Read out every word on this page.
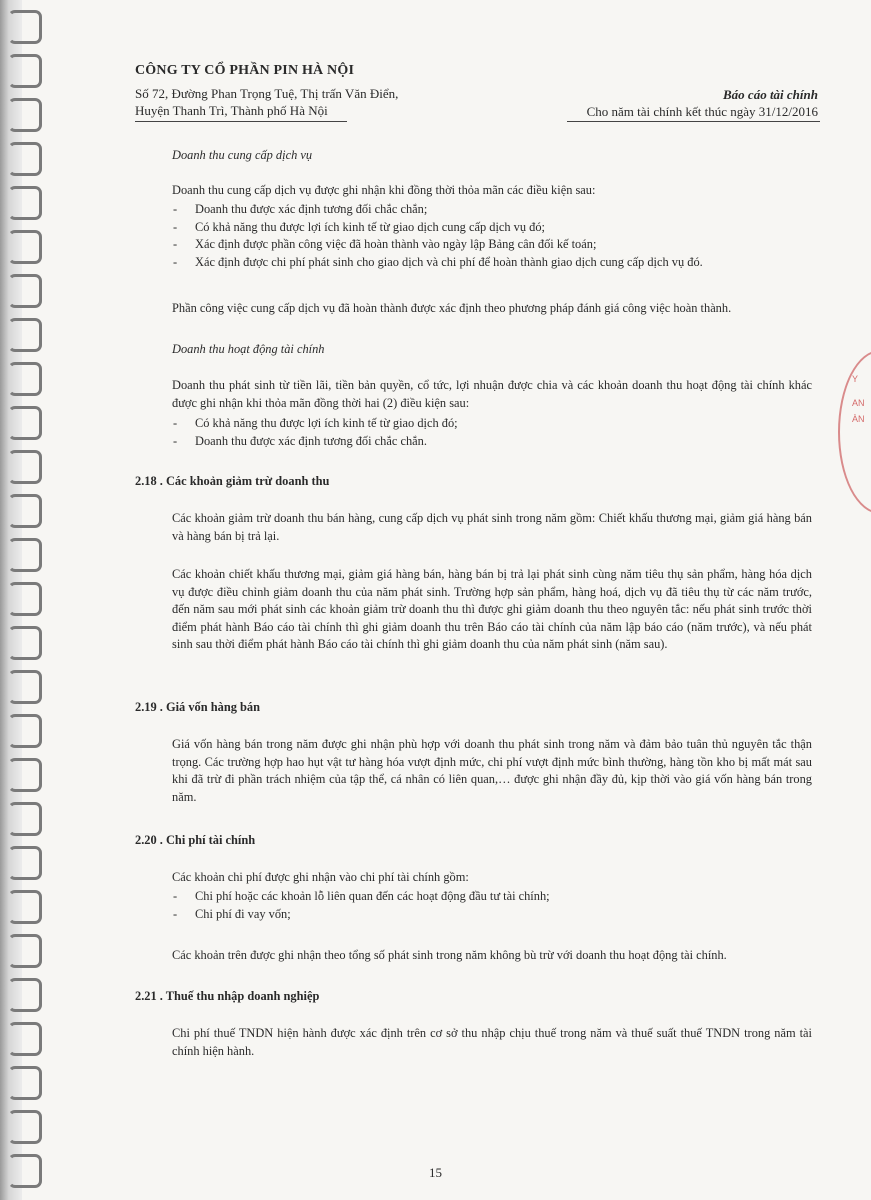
Y
AN
ÀN
CÔNG TY CỔ PHẦN PIN HÀ NỘI
Số 72, Đường Phan Trọng Tuệ, Thị trấn Văn Điển,
Huyện Thanh Trì, Thành phố Hà Nội
Báo cáo tài chính
Cho năm tài chính kết thúc ngày 31/12/2016
Doanh thu cung cấp dịch vụ
Doanh thu cung cấp dịch vụ được ghi nhận khi đồng thời thỏa mãn các điều kiện sau:
- Doanh thu được xác định tương đối chắc chắn;
- Có khả năng thu được lợi ích kinh tế từ giao dịch cung cấp dịch vụ đó;
- Xác định được phần công việc đã hoàn thành vào ngày lập Bảng cân đối kế toán;
- Xác định được chi phí phát sinh cho giao dịch và chi phí để hoàn thành giao dịch cung cấp dịch vụ đó.
Phần công việc cung cấp dịch vụ đã hoàn thành được xác định theo phương pháp đánh giá công việc hoàn thành.
Doanh thu hoạt động tài chính
Doanh thu phát sinh từ tiền lãi, tiền bản quyền, cổ tức, lợi nhuận được chia và các khoản doanh thu hoạt động tài chính khác được ghi nhận khi thỏa mãn đồng thời hai (2) điều kiện sau:
- Có khả năng thu được lợi ích kinh tế từ giao dịch đó;
- Doanh thu được xác định tương đối chắc chắn.
2.18 . Các khoản giảm trừ doanh thu
Các khoản giảm trừ doanh thu bán hàng, cung cấp dịch vụ phát sinh trong năm gồm: Chiết khấu thương mại, giảm giá hàng bán và hàng bán bị trả lại.
Các khoản chiết khấu thương mại, giảm giá hàng bán, hàng bán bị trả lại phát sinh cùng năm tiêu thụ sản phẩm, hàng hóa dịch vụ được điều chỉnh giảm doanh thu của năm phát sinh. Trường hợp sản phẩm, hàng hoá, dịch vụ đã tiêu thụ từ các năm trước, đến năm sau mới phát sinh các khoản giảm trừ doanh thu thì được ghi giảm doanh thu theo nguyên tắc: nếu phát sinh trước thời điểm phát hành Báo cáo tài chính thì ghi giảm doanh thu trên Báo cáo tài chính của năm lập báo cáo (năm trước), và nếu phát sinh sau thời điểm phát hành Báo cáo tài chính thì ghi giảm doanh thu của năm phát sinh (năm sau).
2.19 . Giá vốn hàng bán
Giá vốn hàng bán trong năm được ghi nhận phù hợp với doanh thu phát sinh trong năm và đảm bảo tuân thủ nguyên tắc thận trọng. Các trường hợp hao hụt vật tư hàng hóa vượt định mức, chi phí vượt định mức bình thường, hàng tồn kho bị mất mát sau khi đã trừ đi phần trách nhiệm của tập thể, cá nhân có liên quan,… được ghi nhận đầy đủ, kịp thời vào giá vốn hàng bán trong năm.
2.20 . Chi phí tài chính
Các khoản chi phí được ghi nhận vào chi phí tài chính gồm:
- Chi phí hoặc các khoản lỗ liên quan đến các hoạt động đầu tư tài chính;
- Chi phí đi vay vốn;
Các khoản trên được ghi nhận theo tổng số phát sinh trong năm không bù trừ với doanh thu hoạt động tài chính.
2.21 . Thuế thu nhập doanh nghiệp
Chi phí thuế TNDN hiện hành được xác định trên cơ sở thu nhập chịu thuế trong năm và thuế suất thuế TNDN trong năm tài chính hiện hành.
15
